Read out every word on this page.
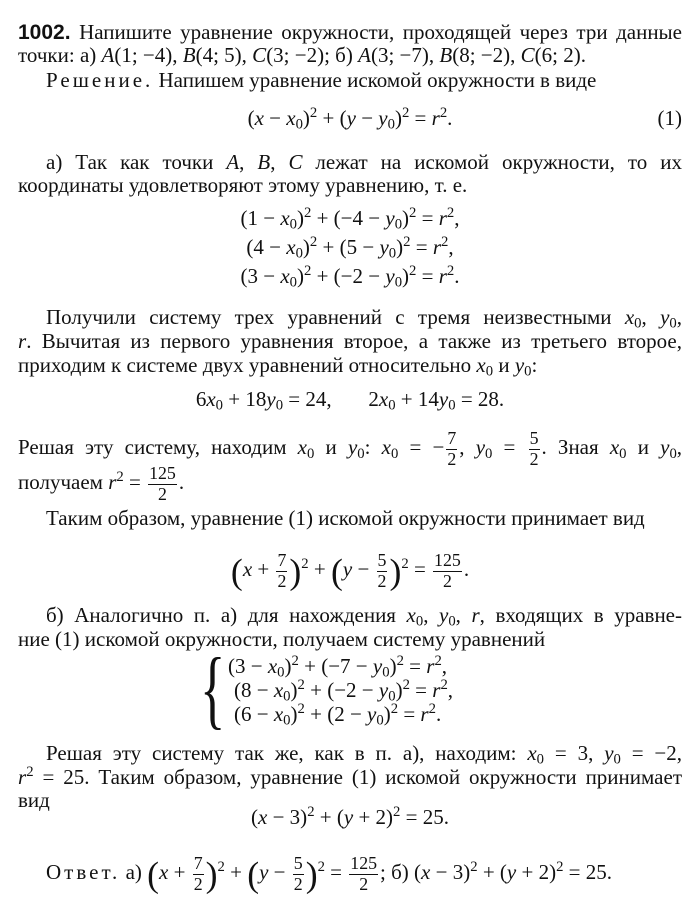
1002. Напишите уравнение окружности, проходящей через три данные
точки: а) A(1; −4), B(4; 5), C(3; −2); б) A(3; −7), B(8; −2), C(6; 2).
Решение. Напишем уравнение искомой окружности в виде
$(x - x_0)^2 + (y - y_0)^2 = r^2$.	(1)
а) Так как точки A, B, C лежат на искомой окружности, то их
координаты удовлетворяют этому уравнению, т. е.
$(1 - x_0)^2 + (-4 - y_0)^2 = r^2$,
$(4 - x_0)^2 + (5 - y_0)^2 = r^2$,
$(3 - x_0)^2 + (-2 - y_0)^2 = r^2$.
Получили систему трех уравнений с тремя неизвестными $x_0$, $y_0$,
r. Вычитая из первого уравнения второе, а также из третьего второе,
приходим к системе двух уравнений относительно $x_0$ и $y_0$:
$6x_0 + 18y_0 = 24$,       $2x_0 + 14y_0 = 28$.
Решая эту систему, находим $x_0$ и $y_0$: $x_0$ = − $\frac{7}{2}$ , $y_0 = \frac{5}{2}$ . Зная $x_0$ и $y_0$,
получаем $r^2 = \frac{125}{2}$ .
Таким образом, уравнение (1) искомой окружности принимает вид
$(x + \frac{7}{2} )^2 + (y - \frac{5}{2} )^2 = \frac{125}{2}$ .
б) Аналогично п. а) для нахождения $x_0$, $y_0$, r, входящих в уравне-
ние (1) искомой окружности, получаем систему уравнений
{ $(3 - x_0)^2 + (-7 - y_0)^2 = r^2$,
$(8 - x_0)^2 + (-2 - y_0)^2 = r^2$,
$(6 - x_0)^2 + (2 - y_0)^2 = r^2$.
Решая эту систему так же, как в п. а), находим: $x_0 = 3$, $y_0 = -2$,
$r^2 = 25$. Таким образом, уравнение (1) искомой окружности принимает
вид
$(x - 3)^2 + (y + 2)^2 = 25$.
Ответ. а) $(x + \frac{7}{2} )^2 + (y - \frac{5}{2} )^2 = \frac{125}{2}$ ; б) $(x - 3)^2 + (y + 2)^2 = 25$.
